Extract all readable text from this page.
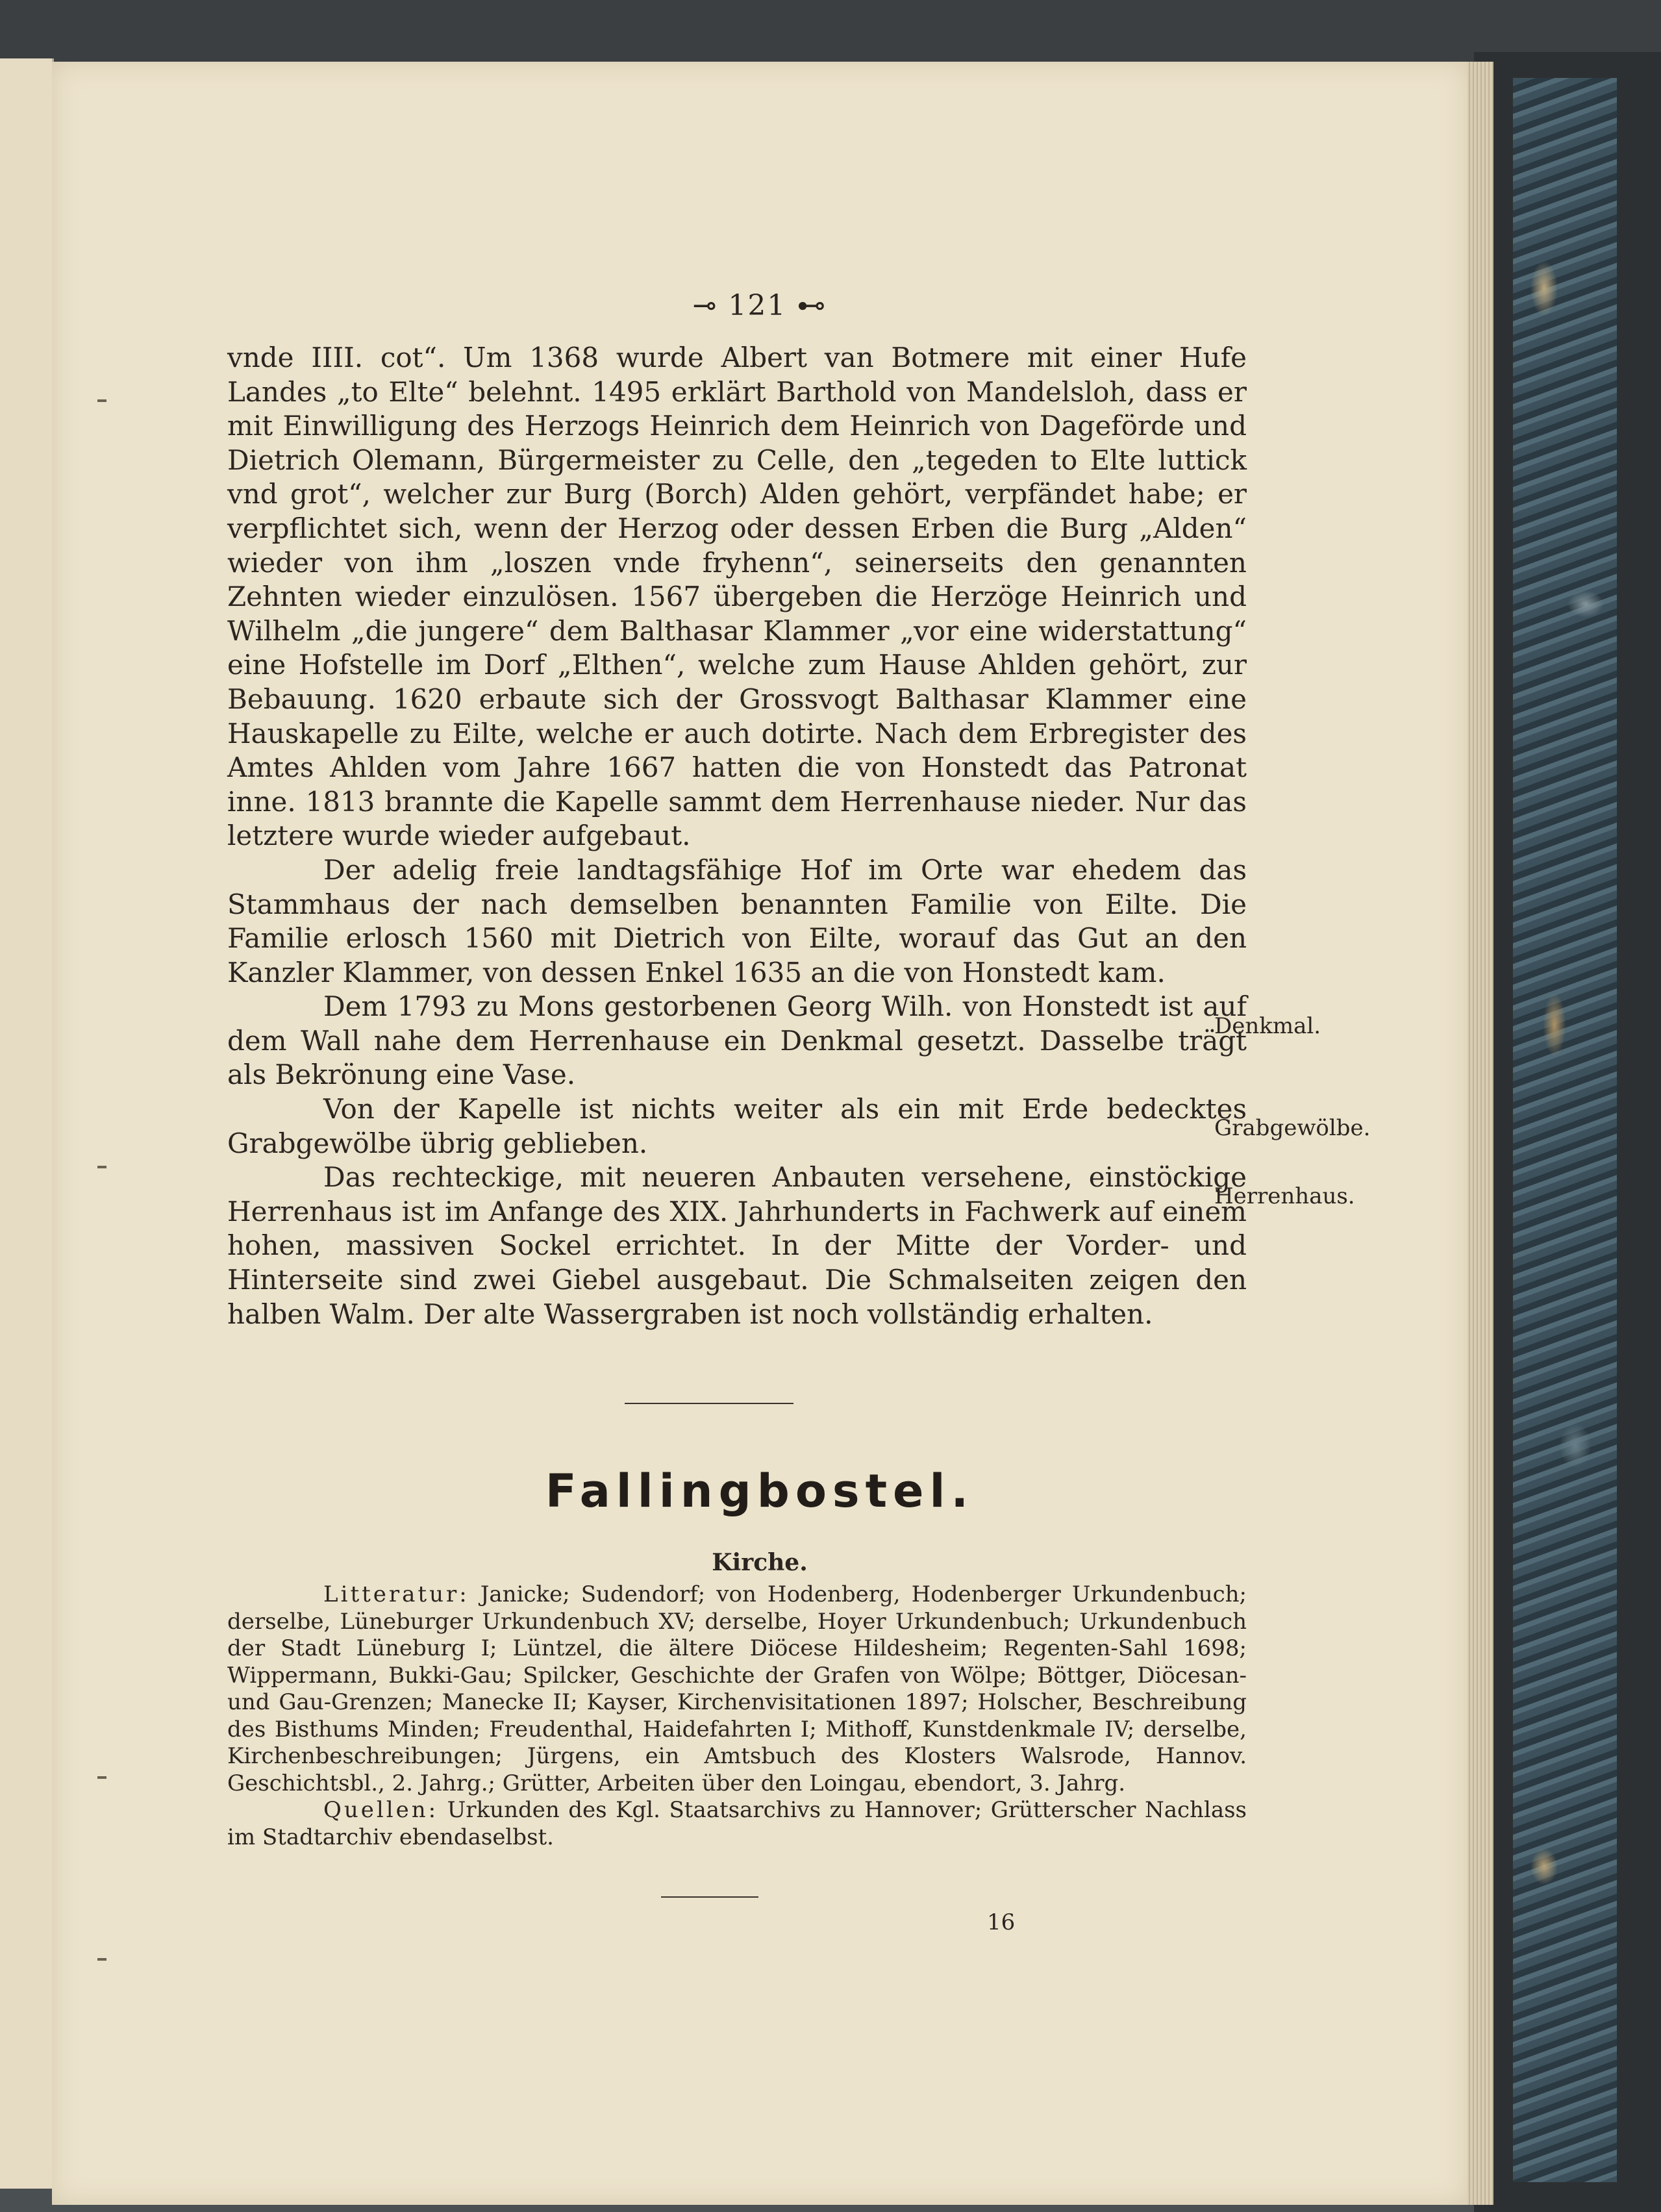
⊸ 121 ⊷

vnde IIII. cot“. Um 1368 wurde Albert van Botmere mit einer Hufe Landes „to Elte“ belehnt. 1495 erklärt Barthold von Mandelsloh, dass er mit Einwilligung des Herzogs Heinrich dem Heinrich von Dageförde und Dietrich Olemann, Bürgermeister zu Celle, den „tegeden to Elte luttick vnd grot“, welcher zur Burg (Borch) Alden gehört, verpfändet habe; er verpflichtet sich, wenn der Herzog oder dessen Erben die Burg „Alden“ wieder von ihm „loszen vnde fryhenn“, seinerseits den genannten Zehnten wieder einzulösen. 1567 übergeben die Herzöge Heinrich und Wilhelm „die jungere“ dem Balthasar Klammer „vor eine widerstattung“ eine Hofstelle im Dorf „Elthen“, welche zum Hause Ahlden gehört, zur Bebauung. 1620 erbaute sich der Grossvogt Balthasar Klammer eine Hauskapelle zu Eilte, welche er auch dotirte. Nach dem Erbregister des Amtes Ahlden vom Jahre 1667 hatten die von Honstedt das Patronat inne. 1813 brannte die Kapelle sammt dem Herrenhause nieder. Nur das letztere wurde wieder aufgebaut.

Der adelig freie landtagsfähige Hof im Orte war ehedem das Stammhaus der nach demselben benannten Familie von Eilte. Die Familie erlosch 1560 mit Dietrich von Eilte, worauf das Gut an den Kanzler Klammer, von dessen Enkel 1635 an die von Honstedt kam.

Dem 1793 zu Mons gestorbenen Georg Wilh. von Honstedt ist auf dem Wall nahe dem Herrenhause ein Denkmal gesetzt. Dasselbe trägt als Bekrönung eine Vase.

Von der Kapelle ist nichts weiter als ein mit Erde bedecktes Grabgewölbe übrig geblieben.

Das rechteckige, mit neueren Anbauten versehene, einstöckige Herrenhaus ist im Anfange des XIX. Jahrhunderts in Fachwerk auf einem hohen, massiven Sockel errichtet. In der Mitte der Vorder- und Hinterseite sind zwei Giebel ausgebaut. Die Schmalseiten zeigen den halben Walm. Der alte Wassergraben ist noch vollständig erhalten.

Denkmal.
Grabgewölbe.
Herrenhaus.
Fallingbostel.
Kirche.

Litteratur: Janicke; Sudendorf; von Hodenberg, Hodenberger Urkundenbuch; derselbe, Lüneburger Urkundenbuch XV; derselbe, Hoyer Urkundenbuch; Urkundenbuch der Stadt Lüneburg I; Lüntzel, die ältere Diöcese Hildesheim; Regenten-Sahl 1698; Wippermann, Bukki-Gau; Spilcker, Geschichte der Grafen von Wölpe; Böttger, Diöcesan- und Gau-Grenzen; Manecke II; Kayser, Kirchenvisitationen 1897; Holscher, Beschreibung des Bisthums Minden; Freudenthal, Haidefahrten I; Mithoff, Kunstdenkmale IV; derselbe, Kirchenbeschreibungen; Jürgens, ein Amtsbuch des Klosters Walsrode, Hannov. Geschichtsbl., 2. Jahrg.; Grütter, Arbeiten über den Loingau, ebendort, 3. Jahrg.

Quellen: Urkunden des Kgl. Staatsarchivs zu Hannover; Grütterscher Nachlass im Stadtarchiv ebendaselbst.

16
